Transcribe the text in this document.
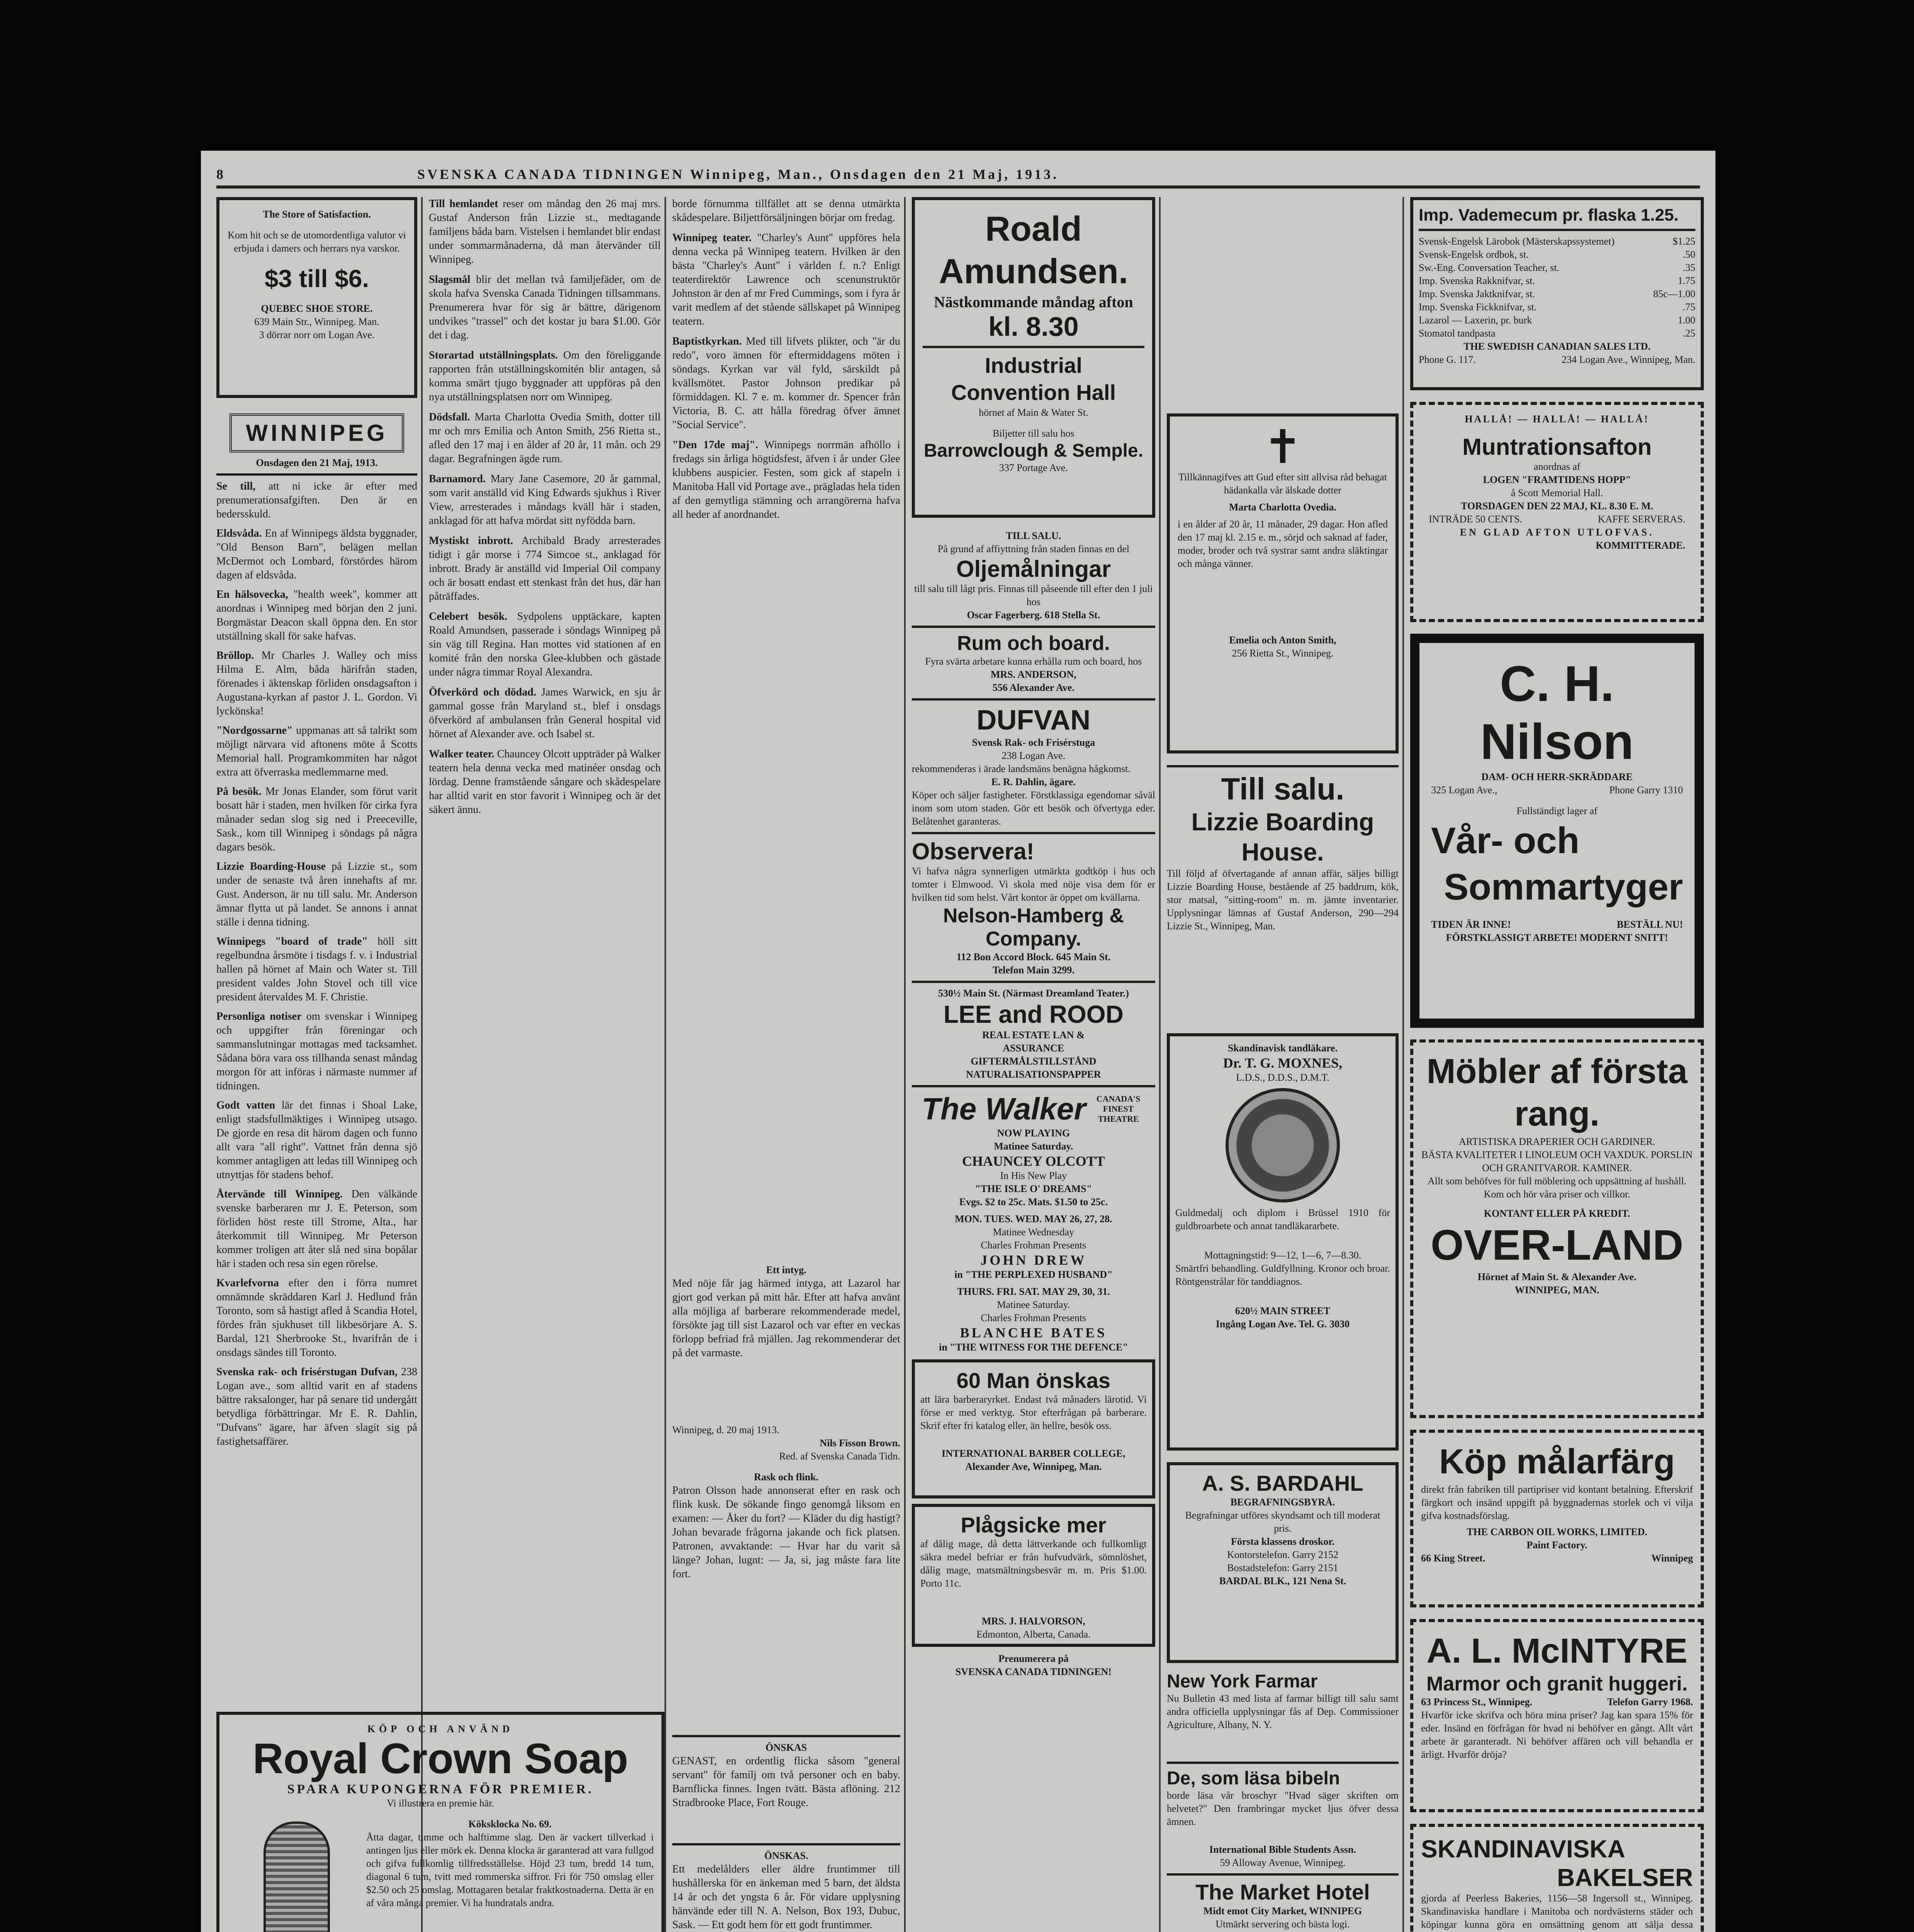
8	SVENSKA CANADA TIDNINGEN Winnipeg, Man., Onsdagen den 21 Maj, 1913.
The Store of Satisfaction.
Kom hit och se de utomordentliga valutor vi erbjuda i damers och herrars nya varskor.
$3 till $6.
QUEBEC SHOE STORE.
639 Main Str., Winnipeg. Man.
3 dörrar norr om Logan Ave.
WINNIPEG
Onsdagen den 21 Maj, 1913.

Se till, att ni icke är efter med prenumerationsafgiften. Den är en bedersskuld.

Eldsvåda. En af Winnipegs äldsta byggnader, "Old Benson Barn", belägen mellan McDermot och Lombard, förstördes härom dagen af eldsvåda.

En hälsovecka, "health week", kommer att anordnas i Winnipeg med början den 2 juni. Borgmästar Deacon skall öppna den. En stor utställning skall för sake hafvas.

Bröllop. Mr Charles J. Walley och miss Hilma E. Alm, båda härifrån staden, förenades i äktenskap förliden onsdagsafton i Augustana-kyrkan af pastor J. L. Gordon. Vi lyckönska!

"Nordgossarne" uppmanas att så talrikt som möjligt närvara vid aftonens möte å Scotts Memorial hall. Programkommiten har något extra att öfverraska medlemmarne med.

På besök. Mr Jonas Elander, som förut varit bosatt här i staden, men hvilken för cirka fyra månader sedan slog sig ned i Preeceville, Sask., kom till Winnipeg i söndags på några dagars besök.

Lizzie Boarding-House på Lizzie st., som under de senaste två åren innehafts af mr. Gust. Anderson, är nu till salu. Mr. Anderson ämnar flytta ut på landet. Se annons i annat ställe i denna tidning.

Winnipegs "board of trade" höll sitt regelbundna årsmöte i tisdags f. v. i Industrial hallen på hörnet af Main och Water st. Till president valdes John Stovel och till vice president återvaldes M. F. Christie.

Personliga notiser om svenskar i Winnipeg och uppgifter från föreningar och sammanslutningar mottagas med tacksamhet. Sådana böra vara oss tillhanda senast måndag morgon för att införas i närmaste nummer af tidningen.

Godt vatten lär det finnas i Shoal Lake, enligt stadsfullmäktiges i Winnipeg utsago. De gjorde en resa dit härom dagen och funno allt vara "all right". Vattnet från denna sjö kommer antagligen att ledas till Winnipeg och utnyttjas för stadens behof.

Återvände till Winnipeg. Den välkände svenske barberaren mr J. E. Peterson, som förliden höst reste till Strome, Alta., har återkommit till Winnipeg. Mr Peterson kommer troligen att åter slå ned sina bopålar här i staden och resa sin egen rörelse.

Kvarlefvorna efter den i förra numret omnämnde skräddaren Karl J. Hedlund från Toronto, som så hastigt afled å Scandia Hotel, fördes från sjukhuset till likbesörjare A. S. Bardal, 121 Sherbrooke St., hvarifrån de i onsdags sändes till Toronto.

Svenska rak- och frisérstugan Dufvan, 238 Logan ave., som alltid varit en af stadens bättre raksalonger, har på senare tid undergått betydliga förbättringar. Mr E. R. Dahlin, "Dufvans" ägare, har äfven slagit sig på fastighetsaffärer.

KÖP OCH ANVÄND
Royal Crown Soap
SPARA KUPONGERNA FÖR PREMIER.
Vi illustrera en premie här.
Köksklocka No. 69.
Åtta dagar, timme och halftimme slag. Den är vackert tillverkad i antingen ljus eller mörk ek. Denna klocka är garanterad att vara fullgod och gifva fullkomlig tillfredsställelse. Höjd 23 tum, bredd 14 tum, diagonal 6 tum, tvitt med rommerska siffror. Fri för 750 omslag eller $2.50 och 25 omslag. Mottagaren betalar fraktkostnaderna. Detta är en af våra många premier. Vi ha hundratals andra.

Till hemlandet reser om måndag den 26 maj mrs. Gustaf Anderson från Lizzie st., medtagande familjens båda barn. Vistelsen i hemlandet blir endast under sommarmånaderna, då man återvänder till Winnipeg.

Slagsmål blir det mellan två familjefäder, om de skola hafva Svenska Canada Tidningen tillsammans. Prenumerera hvar för sig är bättre, därigenom undvikes "trassel" och det kostar ju bara $1.00. Gör det i dag.

Storartad utställningsplats. Om den föreliggande rapporten från utställningskomitén blir antagen, så komma smärt tjugo byggnader att uppföras på den nya utställningsplatsen norr om Winnipeg.

Dödsfall. Marta Charlotta Ovedia Smith, dotter till mr och mrs Emilia och Anton Smith, 256 Rietta st., afled den 17 maj i en ålder af 20 år, 11 mån. och 29 dagar. Begrafningen ägde rum.

Barnamord. Mary Jane Casemore, 20 år gammal, som varit anställd vid King Edwards sjukhus i River View, arresterades i måndags kväll här i staden, anklagad för att hafva mördat sitt nyfödda barn.

Mystiskt inbrott. Archibald Brady arresterades tidigt i går morse i 774 Simcoe st., anklagad för inbrott. Brady är anställd vid Imperial Oil company och är bosatt endast ett stenkast från det hus, där han påträffades.

Celebert besök. Sydpolens upptäckare, kapten Roald Amundsen, passerade i söndags Winnipeg på sin väg till Regina. Han mottes vid stationen af en komité från den norska Glee-klubben och gästade under några timmar Royal Alexandra.

Öfverkörd och dödad. James Warwick, en sju år gammal gosse från Maryland st., blef i onsdags öfverkörd af ambulansen från General hospital vid hörnet af Alexander ave. och Isabel st.

Walker teater. Chauncey Olcott uppträder på Walker teatern hela denna vecka med matinéer onsdag och lördag. Denne framstående sångare och skådespelare har alltid varit en stor favorit i Winnipeg och är det säkert ännu.

borde förnumma tillfället att se denna utmärkta skådespelare. Biljettförsäljningen börjar om fredag.

Winnipeg teater. "Charley's Aunt" uppföres hela denna vecka på Winnipeg teatern. Hvilken är den bästa "Charley's Aunt" i världen f. n.? Enligt teaterdirektör Lawrence och scenunstruktör Johnston är den af mr Fred Cummings, som i fyra år varit medlem af det stående sällskapet på Winnipeg teatern.

Baptistkyrkan. Med till lifvets plikter, och "är du redo", voro ämnen för eftermiddagens möten i söndags. Kyrkan var väl fyld, särskildt på kvällsmötet. Pastor Johnson predikar på förmiddagen. Kl. 7 e. m. kommer dr. Spencer från Victoria, B. C. att hålla föredrag öfver ämnet "Social Service".

"Den 17de maj". Winnipegs norrmän afhöllo i fredags sin årliga högtidsfest, äfven i år under Glee klubbens auspicier. Festen, som gick af stapeln i Manitoba Hall vid Portage ave., prägladas hela tiden af den gemytliga stämning och arrangörerna hafva all heder af anordnandet.

Ett intyg.
Med nöje får jag härmed intyga, att Lazarol har gjort god verkan på mitt hår. Efter att hafva använt alla möjliga af barberare rekommenderade medel, försökte jag till sist Lazarol och var efter en veckas förlopp befriad frå mjällen. Jag rekommenderar det på det varmaste.
Winnipeg, d. 20 maj 1913.
Nils Fisson Brown.
Red. af Svenska Canada Tidn.
Rask och flink.
Patron Olsson hade annonserat efter en rask och flink kusk. De sökande fingo genomgå liksom en examen: — Åker du fort? — Kläder du dig hastigt? Johan bevarade frågorna jakande och fick platsen. Patronen, avvaktande: — Hvar har du varit så länge? Johan, lugnt: — Ja, si, jag måste fara lite fort.
ÖNSKAS
GENAST, en ordentlig flicka såsom "general servant" för familj om två personer och en baby. Barnflicka finnes. Ingen tvätt. Bästa aflöning. 212 Stradbrooke Place, Fort Rouge.
ÖNSKAS.
Ett medelålders eller äldre fruntimmer till hushållerska för en änkeman med 5 barn, det äldsta 14 år och det yngsta 6 år. För vidare upplysning hänvände eder till N. A. Nelson, Box 193, Dubuc, Sask. — Ett godt hem för ett godt fruntimmer.
Roald Amundsen.
Nästkommande måndag afton
kl. 8.30
Industrial Convention Hall
hörnet af Main & Water St.
Biljetter till salu hos
Barrowclough & Semple.
337 Portage Ave.
TILL SALU.
På grund af affiyttning från staden finnas en del
Oljemålningar
till salu till lågt pris. Finnas till påseende till efter den 1 juli hos
Oscar Fagerberg. 618 Stella St.
Rum och board.
Fyra svärta arbetare kunna erhålla rum och board, hos
MRS. ANDERSON,
556 Alexander Ave.
DUFVAN
Svensk Rak- och Frisérstuga
238 Logan Ave.
rekommenderas i ärade landsmäns benägna hågkomst.
E. R. Dahlin, ägare.
Köper och säljer fastigheter. Förstklassiga egendomar såväl inom som utom staden. Gör ett besök och öfvertyga eder. Belåtenhet garanteras.
Observera!
Vi hafva några synnerligen utmärkta godtköp i hus och tomter i Elmwood. Vi skola med nöje visa dem för er hvilken tid som helst. Vårt kontor är öppet om kvällarna.
Nelson-Hamberg & Company.
112 Bon Accord Block. 645 Main St.
Telefon Main 3299.
530½ Main St. (Närmast Dreamland Teater.)
LEE and ROOD
REAL ESTATE LAN &
ASSURANCE
GIFTERMÅLSTILLSTÅND
NATURALISATIONSPAPPER
The Walker	CANADA'S FINEST THEATRE
NOW PLAYING
Matinee Saturday.
CHAUNCEY OLCOTT
In His New Play
"THE ISLE O' DREAMS"
Evgs. $2 to 25c. Mats. $1.50 to 25c.
MON. TUES. WED. MAY 26, 27, 28.
Matinee Wednesday
Charles Frohman Presents
JOHN DREW
in "THE PERPLEXED HUSBAND"
THURS. FRI. SAT. MAY 29, 30, 31.
Matinee Saturday.
Charles Frohman Presents
BLANCHE BATES
in "THE WITNESS FOR THE DEFENCE"
60 Man önskas
att lära barberaryrket. Endast två månaders lärotid. Vi förse er med verktyg. Stor efterfrågan på barberare. Skrif efter fri katalog eller, än hellre, besök oss.
INTERNATIONAL BARBER COLLEGE,
Alexander Ave, Winnipeg, Man.
Plågsicke mer
af dålig mage, då detta lättverkande och fullkomligt säkra medel befriar er från hufvudvärk, sömnlöshet, dålig mage, matsmältningsbesvär m. m. Pris $1.00. Porto 11c.
MRS. J. HALVORSON,
Edmonton, Alberta, Canada.
Prenumerera på
SVENSKA CANADA TIDNINGEN!
✝
Tillkännagifves att Gud efter sitt allvisa råd behagat hädankalla vår älskade dotter
Marta Charlotta Ovedia.
i en ålder af 20 år, 11 månader, 29 dagar. Hon afled den 17 maj kl. 2.15 e. m., sörjd och saknad af fader, moder, broder och två systrar samt andra släktingar och många vänner.
Emelia och Anton Smith,
256 Rietta St., Winnipeg.
Till salu.
Lizzie Boarding House.
Till följd af öfvertagande af annan affär, säljes billigt Lizzie Boarding House, bestående af 25 baddrum, kök, stor matsal, "sitting-room" m. m. jämte inventarier. Upplysningar lämnas af Gustaf Anderson, 290—294 Lizzie St., Winnipeg, Man.
Skandinavisk tandläkare.
Dr. T. G. MOXNES,
L.D.S., D.D.S., D.M.T.
Guldmedalj och diplom i Brüssel 1910 för guldbroarbete och annat tandläkararbete.
Mottagningstid: 9—12, 1—6, 7—8.30.
Smärtfri behandling. Guldfyllning. Kronor och broar. Röntgenstrålar för tanddiagnos.
620½ MAIN STREET
Ingång Logan Ave. Tel. G. 3030
A. S. BARDAHL
BEGRAFNINGSBYRÅ.
Begrafningar utföres skyndsamt och till moderat pris.
Första klassens droskor.
Kontorstelefon. Garry 2152
Bostadstelefon: Garry 2151
BARDAL BLK., 121 Nena St.
New York Farmar
Nu Bulletin 43 med lista af farmar billigt till salu samt andra officiella upplysningar fås af Dep. Commissioner Agriculture, Albany, N. Y.
De, som läsa bibeln
borde läsa vår broschyr "Hvad säger skriften om helvetet?" Den frambringar mycket ljus öfver dessa ämnen.
International Bible Students Assn.
59 Alloway Avenue, Winnipeg.
The Market Hotel
Midt emot City Market, WINNIPEG
Utmärkt servering och bästa logi.
Imp. Vademecum pr. flaska 1.25.
Svensk-Engelsk Lärobok (Mästerskapssystemet)	$1.25
Svensk-Engelsk ordbok, st.	.50
Sw.-Eng. Conversation Teacher, st.	.35
Imp. Svenska Rakknifvar, st.	1.75
Imp. Svenska Jaktknifvar, st.	85c—1.00
Imp. Svenska Fickknifvar, st.	.75
Lazarol — Laxerin, pr. burk	1.00
Stomatol tandpasta	.25
THE SWEDISH CANADIAN SALES LTD.
Phone G. 117.	234 Logan Ave., Winnipeg, Man.
HALLÅ! — HALLÅ! — HALLÅ!
Muntrationsafton
anordnas af
LOGEN "FRAMTIDENS HOPP"
å Scott Memorial Hall.
TORSDAGEN DEN 22 MAJ, KL. 8.30 E. M.
INTRÄDE 50 CENTS.	KAFFE SERVERAS.
EN GLAD AFTON UTLOFVAS.
KOMMITTERADE.
C. H. Nilson
DAM- OCH HERR-SKRÄDDARE
325 Logan Ave.,	Phone Garry 1310
Fullständigt lager af
Vår- och
Sommartyger
TIDEN ÄR INNE!	BESTÄLL NU!
FÖRSTKLASSIGT ARBETE! MODERNT SNITT!
Möbler af första rang.
ARTISTISKA DRAPERIER OCH GARDINER.
BÄSTA KVALITETER I LINOLEUM OCH VAXDUK. PORSLIN OCH GRANITVAROR. KAMINER.
Allt som behöfves för full möblering och uppsättning af hushåll. Kom och hör våra priser och villkor.
KONTANT ELLER PÅ KREDIT.
OVER-LAND
Hörnet af Main St. & Alexander Ave.
WINNIPEG, MAN.
Köp målarfärg
direkt från fabriken till partipriser vid kontant betalning. Efterskrif färgkort och insänd uppgift på byggnadernas storlek och vi vilja gifva kostnadsförslag.
THE CARBON OIL WORKS, LIMITED.
Paint Factory.
66 King Street.	Winnipeg
A. L. McINTYRE
Marmor och granit huggeri.
63 Princess St., Winnipeg.	Telefon Garry 1968.
Hvarför icke skrifva och höra mina priser? Jag kan spara 15% för eder. Insänd en förfrågan för hvad ni behöfver en gångt. Allt vårt arbete är garanteradt. Ni behöfver affären och vill behandla er ärligt. Hvarför dröja?
SKANDINAVISKA
BAKELSER
gjorda af Peerless Bakeries, 1156—58 Ingersoll st., Winnipeg. Skandinaviska handlare i Manitoba och nordvästerns städer och köpingar kunna göra en omsättning genom att sälja dessa
